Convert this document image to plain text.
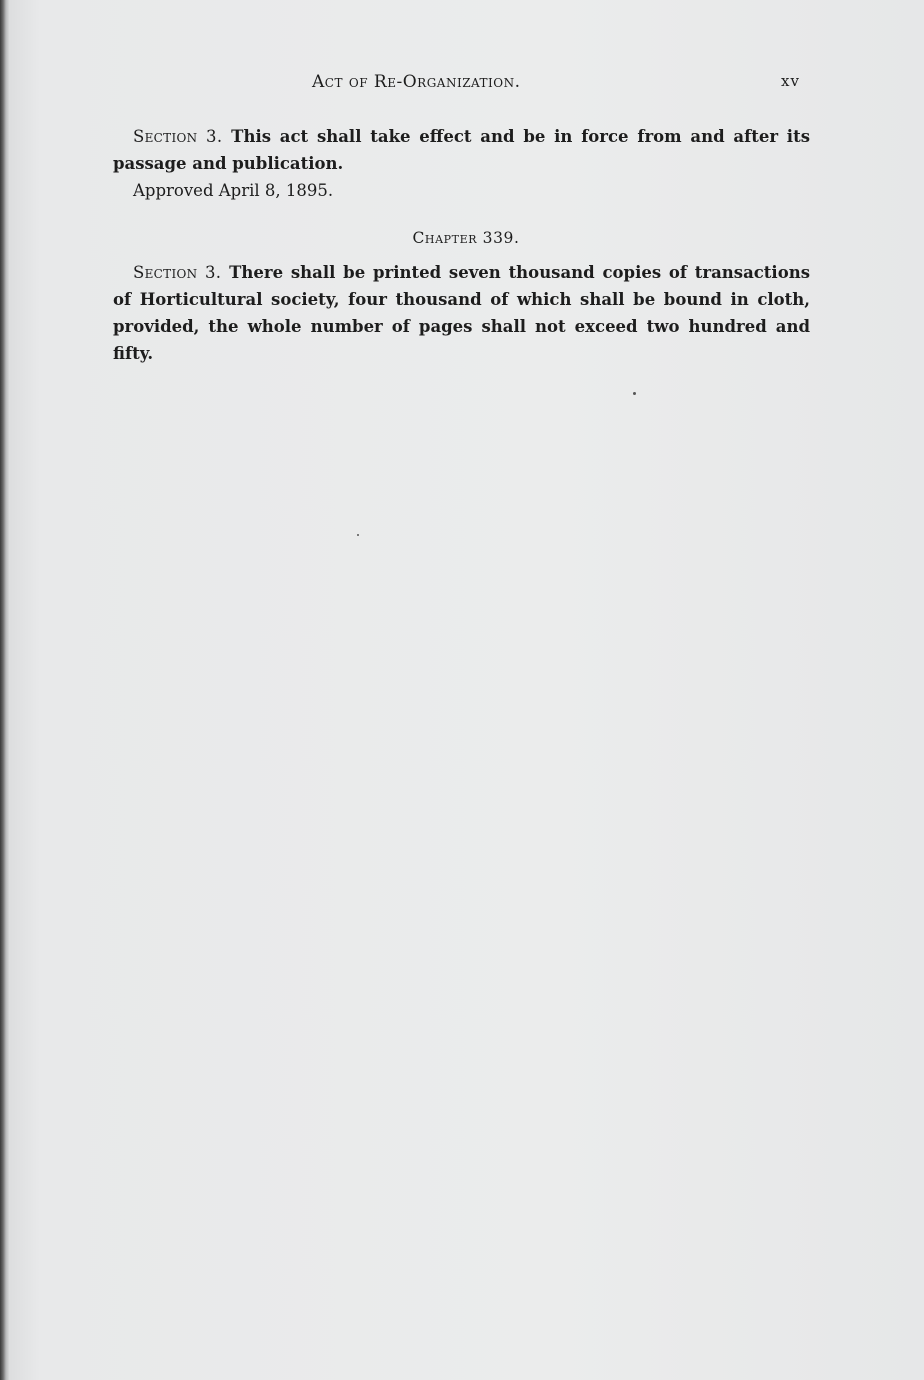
Act of Re-Organization.	xv

Section 3. This act shall take effect and be in force from and after its passage and publication.

Approved April 8, 1895.

Chapter 339.

Section 3. There shall be printed seven thousand copies of transactions of Horticultural society, four thousand of which shall be bound in cloth, provided, the whole number of pages shall not exceed two hundred and fifty.
